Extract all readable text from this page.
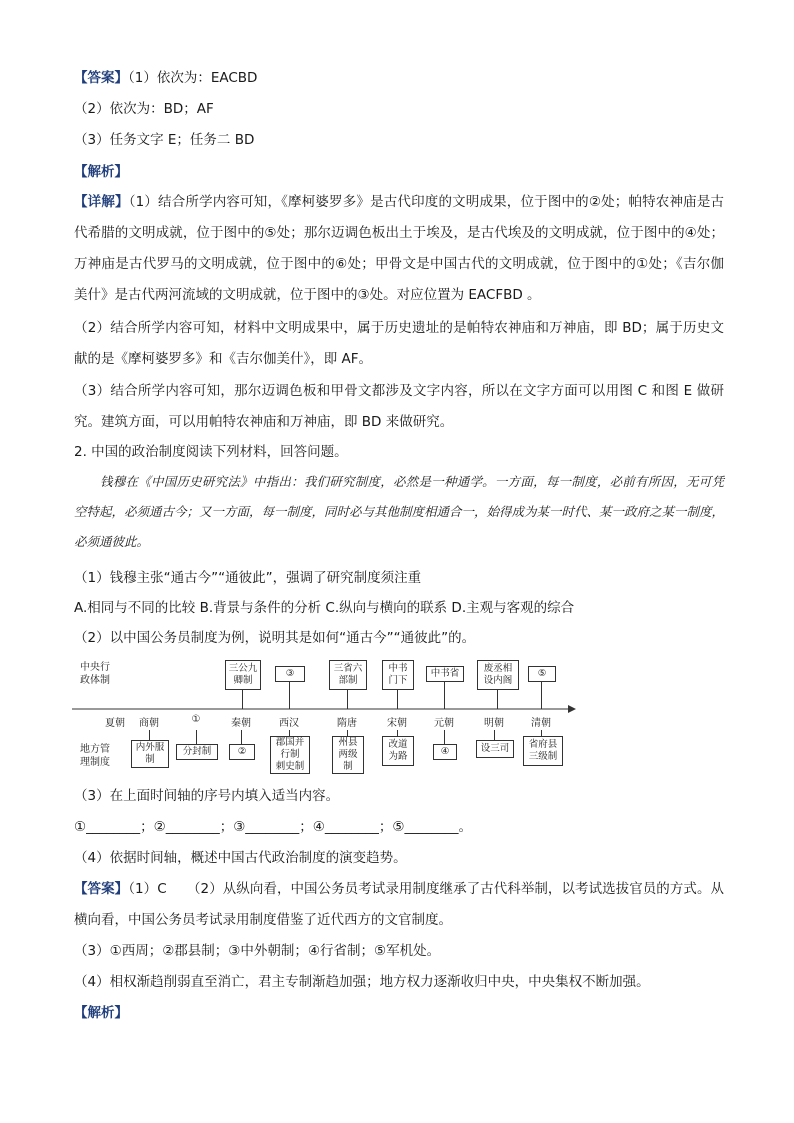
【答案】（1）依次为：EACBD
（2）依次为：BD；AF
（3）任务文字 E；任务二 BD
【解析】
【详解】（1）结合所学内容可知，《摩柯婆罗多》是古代印度的文明成果，位于图中的②处；帕特农神庙是古代希腊的文明成就，位于图中的⑤处；那尔迈调色板出土于埃及，是古代埃及的文明成就，位于图中的④处；万神庙是古代罗马的文明成就，位于图中的⑥处；甲骨文是中国古代的文明成就，位于图中的①处；《吉尔伽美什》是古代两河流域的文明成就，位于图中的③处。对应位置为 EACFBD 。
（2）结合所学内容可知，材料中文明成果中，属于历史遗址的是帕特农神庙和万神庙，即 BD；属于历史文献的是《摩柯婆罗多》和《吉尔伽美什》，即 AF。
（3）结合所学内容可知，那尔迈调色板和甲骨文都涉及文字内容，所以在文字方面可以用图 C 和图 E 做研究。建筑方面，可以用帕特农神庙和万神庙，即 BD 来做研究。
2. 中国的政治制度阅读下列材料，回答问题。
钱穆在《中国历史研究法》中指出：我们研究制度，必然是一种通学。一方面，每一制度，必前有所因，无可凭空特起，必须通古今；又一方面，每一制度，同时必与其他制度相通合一，始得成为某一时代、某一政府之某一制度，必须通彼此。
（1）钱穆主张“通古今”“通彼此”，强调了研究制度须注重
A.相同与不同的比较 B.背景与条件的分析 C.纵向与横向的联系 D.主观与客观的综合
（2）以中国公务员制度为例，说明其是如何“通古今”“通彼此”的。
中央行
政体制
地方管
理制度
夏朝	商朝	①	秦朝	西汉	隋唐	宋朝	元朝	明朝	清朝
三公九
卿制
③	三省六
部制
中书
门下
中书省	废丞相
设内阁
⑤
内外服
制
分封制	②
郡国并
行制
刺史制
州县
两级
制
改道
为路	④	设三司 省府县
三级制
（3）在上面时间轴的序号内填入适当内容。
①________；②________；③________；④________；⑤________。
（4）依据时间轴，概述中国古代政治制度的演变趋势。
【答案】（1）C　　（2）从纵向看，中国公务员考试录用制度继承了古代科举制，以考试选拔官员的方式。从横向看，中国公务员考试录用制度借鉴了近代西方的文官制度。
（3）①西周；②郡县制；③中外朝制；④行省制；⑤军机处。
（4）相权渐趋削弱直至消亡，君主专制渐趋加强；地方权力逐渐收归中央，中央集权不断加强。
【解析】
